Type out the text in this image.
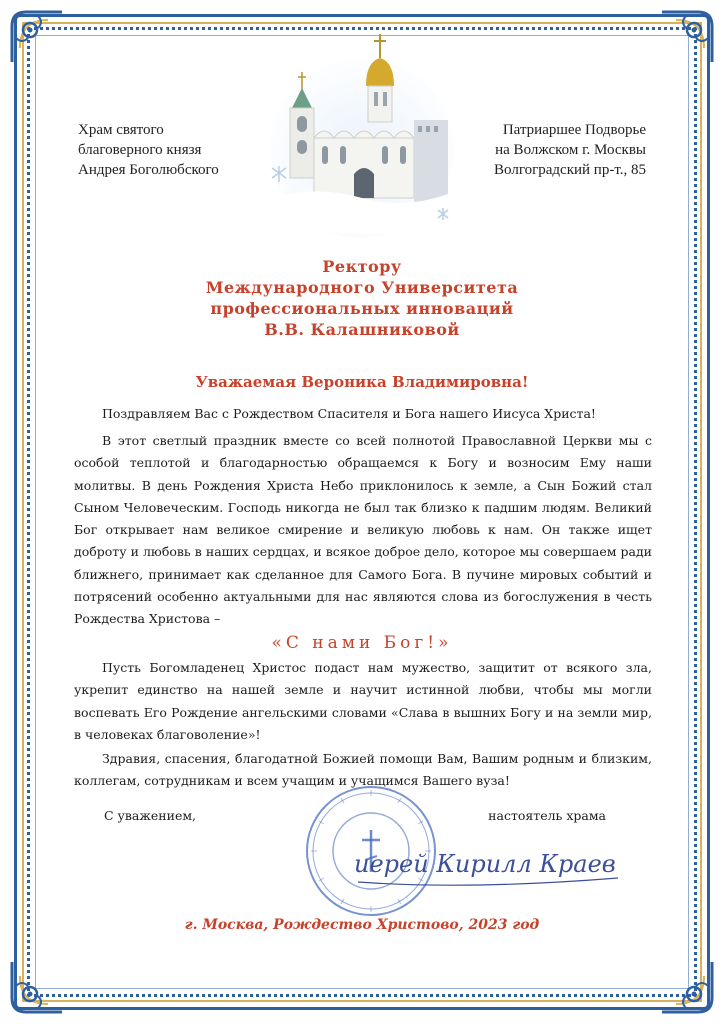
Храм святого
благоверного князя
Андрея Боголюбского
Патриаршее Подворье
на Волжском г. Москвы
Волгоградский пр-т., 85
Ректору
Международного Университета
профессиональных инноваций
В.В. Калашниковой
Уважаемая Вероника Владимировна!

Поздравляем Вас с Рождеством Спасителя и Бога нашего Иисуса Христа!

В этот светлый праздник вместе со всей полнотой Православной Церкви мы с особой теплотой и благодарностью обращаемся к Богу и возносим Ему наши молитвы. В день Рождения Христа Небо приклонилось к земле, а Сын Божий стал Сыном Человеческим. Господь никогда не был так близко к падшим людям. Великий Бог открывает нам великое смирение и великую любовь к нам. Он также ищет доброту и любовь в наших сердцах, и всякое доброе дело, которое мы совершаем ради ближнего, принимает как сделанное для Самого Бога. В пучине мировых событий и потрясений особенно актуальными для нас являются слова из богослужения в честь Рождества Христова –

«С нами Бог!»

Пусть Богомладенец Христос подаст нам мужество, защитит от всякого зла, укрепит единство на нашей земле и научит истинной любви, чтобы мы могли воспевать Его Рождение ангельскими словами «Слава в вышних Богу и на земли мир, в человеках благоволение»!

Здравия, спасения, благодатной Божией помощи Вам, Вашим родным и близким, коллегам, сотрудникам и всем учащим и учащимся Вашего вуза!

С уважением,	настоятель храма
иерей Кирилл Краев
г. Москва, Рождество Христово, 2023 год
